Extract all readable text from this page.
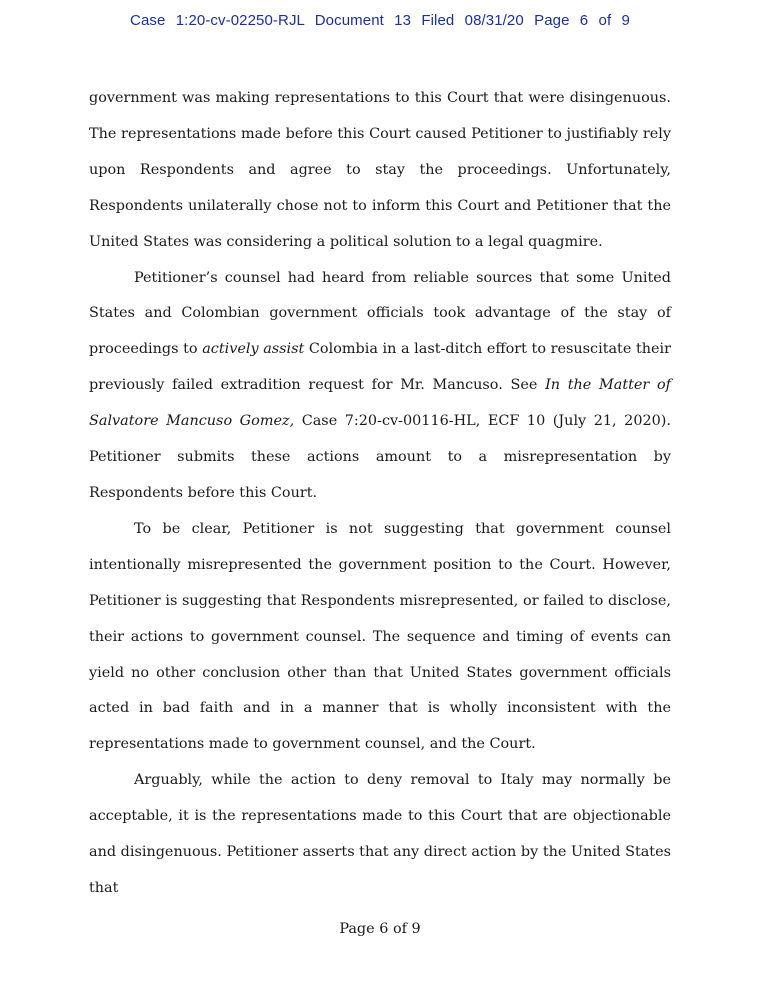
Case 1:20-cv-02250-RJL Document 13 Filed 08/31/20 Page 6 of 9

government was making representations to this Court that were disingenuous. The representations made before this Court caused Petitioner to justifiably rely upon Respondents and agree to stay the proceedings. Unfortunately, Respondents unilaterally chose not to inform this Court and Petitioner that the United States was considering a political solution to a legal quagmire.

Petitioner’s counsel had heard from reliable sources that some United States and Colombian government officials took advantage of the stay of proceedings to actively assist Colombia in a last-ditch effort to resuscitate their previously failed extradition request for Mr. Mancuso. See In the Matter of Salvatore Mancuso Gomez, Case 7:20-cv-00116-HL, ECF 10 (July 21, 2020). Petitioner submits these actions amount to a misrepresentation by Respondents before this Court.

To be clear, Petitioner is not suggesting that government counsel intentionally misrepresented the government position to the Court. However, Petitioner is suggesting that Respondents misrepresented, or failed to disclose, their actions to government counsel. The sequence and timing of events can yield no other conclusion other than that United States government officials acted in bad faith and in a manner that is wholly inconsistent with the representations made to government counsel, and the Court.

Arguably, while the action to deny removal to Italy may normally be acceptable, it is the representations made to this Court that are objectionable and disingenuous. Petitioner asserts that any direct action by the United States that

Page 6 of 9
